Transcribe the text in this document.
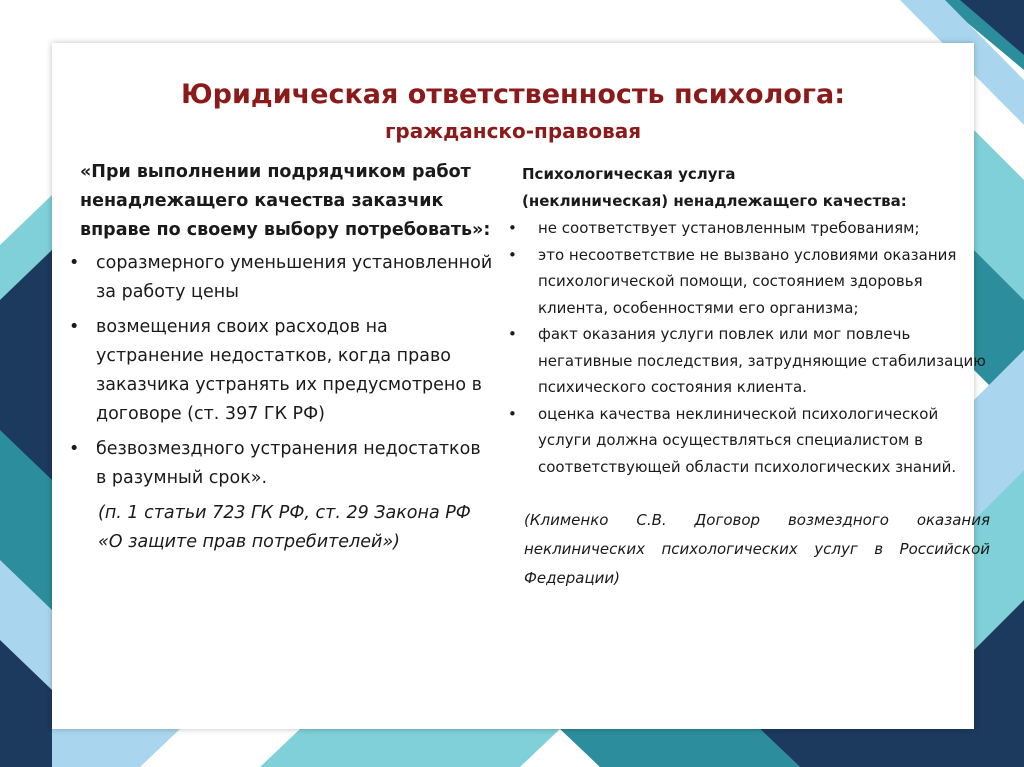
Юридическая ответственность психолога:
гражданско-правовая

«При выполнении подрядчиком работ ненадлежащего качества заказчик вправе по своему выбору потребовать»:

• соразмерного уменьшения установленной за работу цены
• возмещения своих расходов на устранение недостатков, когда право заказчика устранять их предусмотрено в договоре (ст. 397 ГК РФ)
• безвозмездного устранения недостатков в разумный срок».

(п. 1 статьи 723 ГК РФ, ст. 29 Закона РФ «О защите прав потребителей»)

Психологическая услуга
(неклиническая) ненадлежащего качества:
• не соответствует установленным требованиям;
• это несоответствие не вызвано условиями оказания психологической помощи, состоянием здоровья клиента, особенностями его организма;
• факт оказания услуги повлек или мог повлечь негативные последствия, затрудняющие стабилизацию психического состояния клиента.
• оценка качества неклинической психологической услуги должна осуществляться специалистом в соответствующей области психологических знаний.

(Клименко С.В. Договор возмездного оказания неклинических психологических услуг в Российской Федерации)
